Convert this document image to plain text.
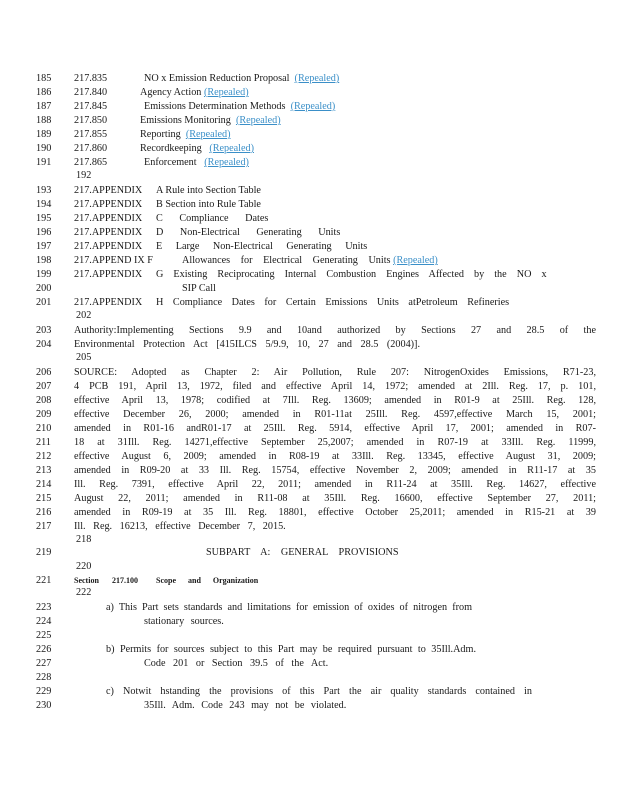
185	217.835	NO x Emission Reduction Proposal (Repealed)
186	217.840	Agency Action (Repealed)
187	217.845	Emissions Determination Methods (Repealed)
188	217.850	Emissions Monitoring (Repealed)
189	217.855	Reporting (Repealed)
190	217.860	Recordkeeping (Repealed)
191	217.865	Enforcement (Repealed)
192
193	217.APPENDIX A Rule into Section Table
194	217.APPENDIX B Section into Rule Table
195	217.APPENDIX C Compliance Dates
196	217.APPENDIX D Non-Electrical Generating Units
197	217.APPENDIX E Large Non-Electrical Generating Units
198	217.APPEND IX F	Allowances for Electrical Generating Units (Repealed)
199	217.APPENDIX G Existing Reciprocating Internal Combustion Engines Affected by the NO x
200	SIP Call
201	217.APPENDIX H Compliance Dates for Certain Emissions Units atPetroleum Refineries
202
203	Authority:Implementing Sections 9.9 and 10and authorized by Sections 27 and 28.5 of the
204	Environmental Protection Act [415ILCS 5/9.9, 10, 27 and 28.5 (2004)].
205
206	SOURCE: Adopted as Chapter 2: Air Pollution, Rule 207: NitrogenOxides Emissions, R71-23,
207	4 PCB 191, April 13, 1972, filed and effective April 14, 1972; amended at 2Ill. Reg. 17, p. 101,
208	effective April 13, 1978; codified at 7Ill. Reg. 13609; amended in R01-9 at 25Ill. Reg. 128,
209	effective December 26, 2000; amended in R01-11at 25Ill. Reg. 4597,effective March 15, 2001;
210	amended in R01-16 andR01-17 at 25Ill. Reg. 5914, effective April 17, 2001; amended in R07-
211	18 at 31Ill. Reg. 14271,effective September 25,2007; amended in R07-19 at 33Ill. Reg. 11999,
212	effective August 6, 2009; amended in R08-19 at 33Ill. Reg. 13345, effective August 31, 2009;
213	amended in R09-20 at 33 Ill. Reg. 15754, effective November 2, 2009; amended in R11-17 at 35
214	Ill. Reg. 7391, effective April 22, 2011; amended in R11-24 at 35Ill. Reg. 14627, effective
215	August 22, 2011; amended in R11-08 at 35Ill. Reg. 16600, effective September 27, 2011;
216	amended in R09-19 at 35 Ill. Reg. 18801, effective October 25,2011; amended in R15-21 at 39
217	Ill. Reg. 16213, effective December 7, 2015.
218
219	SUBPART A: GENERAL PROVISIONS
220
221	Section 217.100 Scope and Organization
222
223	a) This Part sets standards and limitations for emission of oxides of nitrogen from
224	stationary sources.
225
226	b) Permits for sources subject to this Part may be required pursuant to 35Ill.Adm.
227	Code 201 or Section 39.5 of the Act.
228
229	c) Notwit hstanding the provisions of this Part the air quality standards contained in
230	35Ill. Adm. Code 243 may not be violated.
